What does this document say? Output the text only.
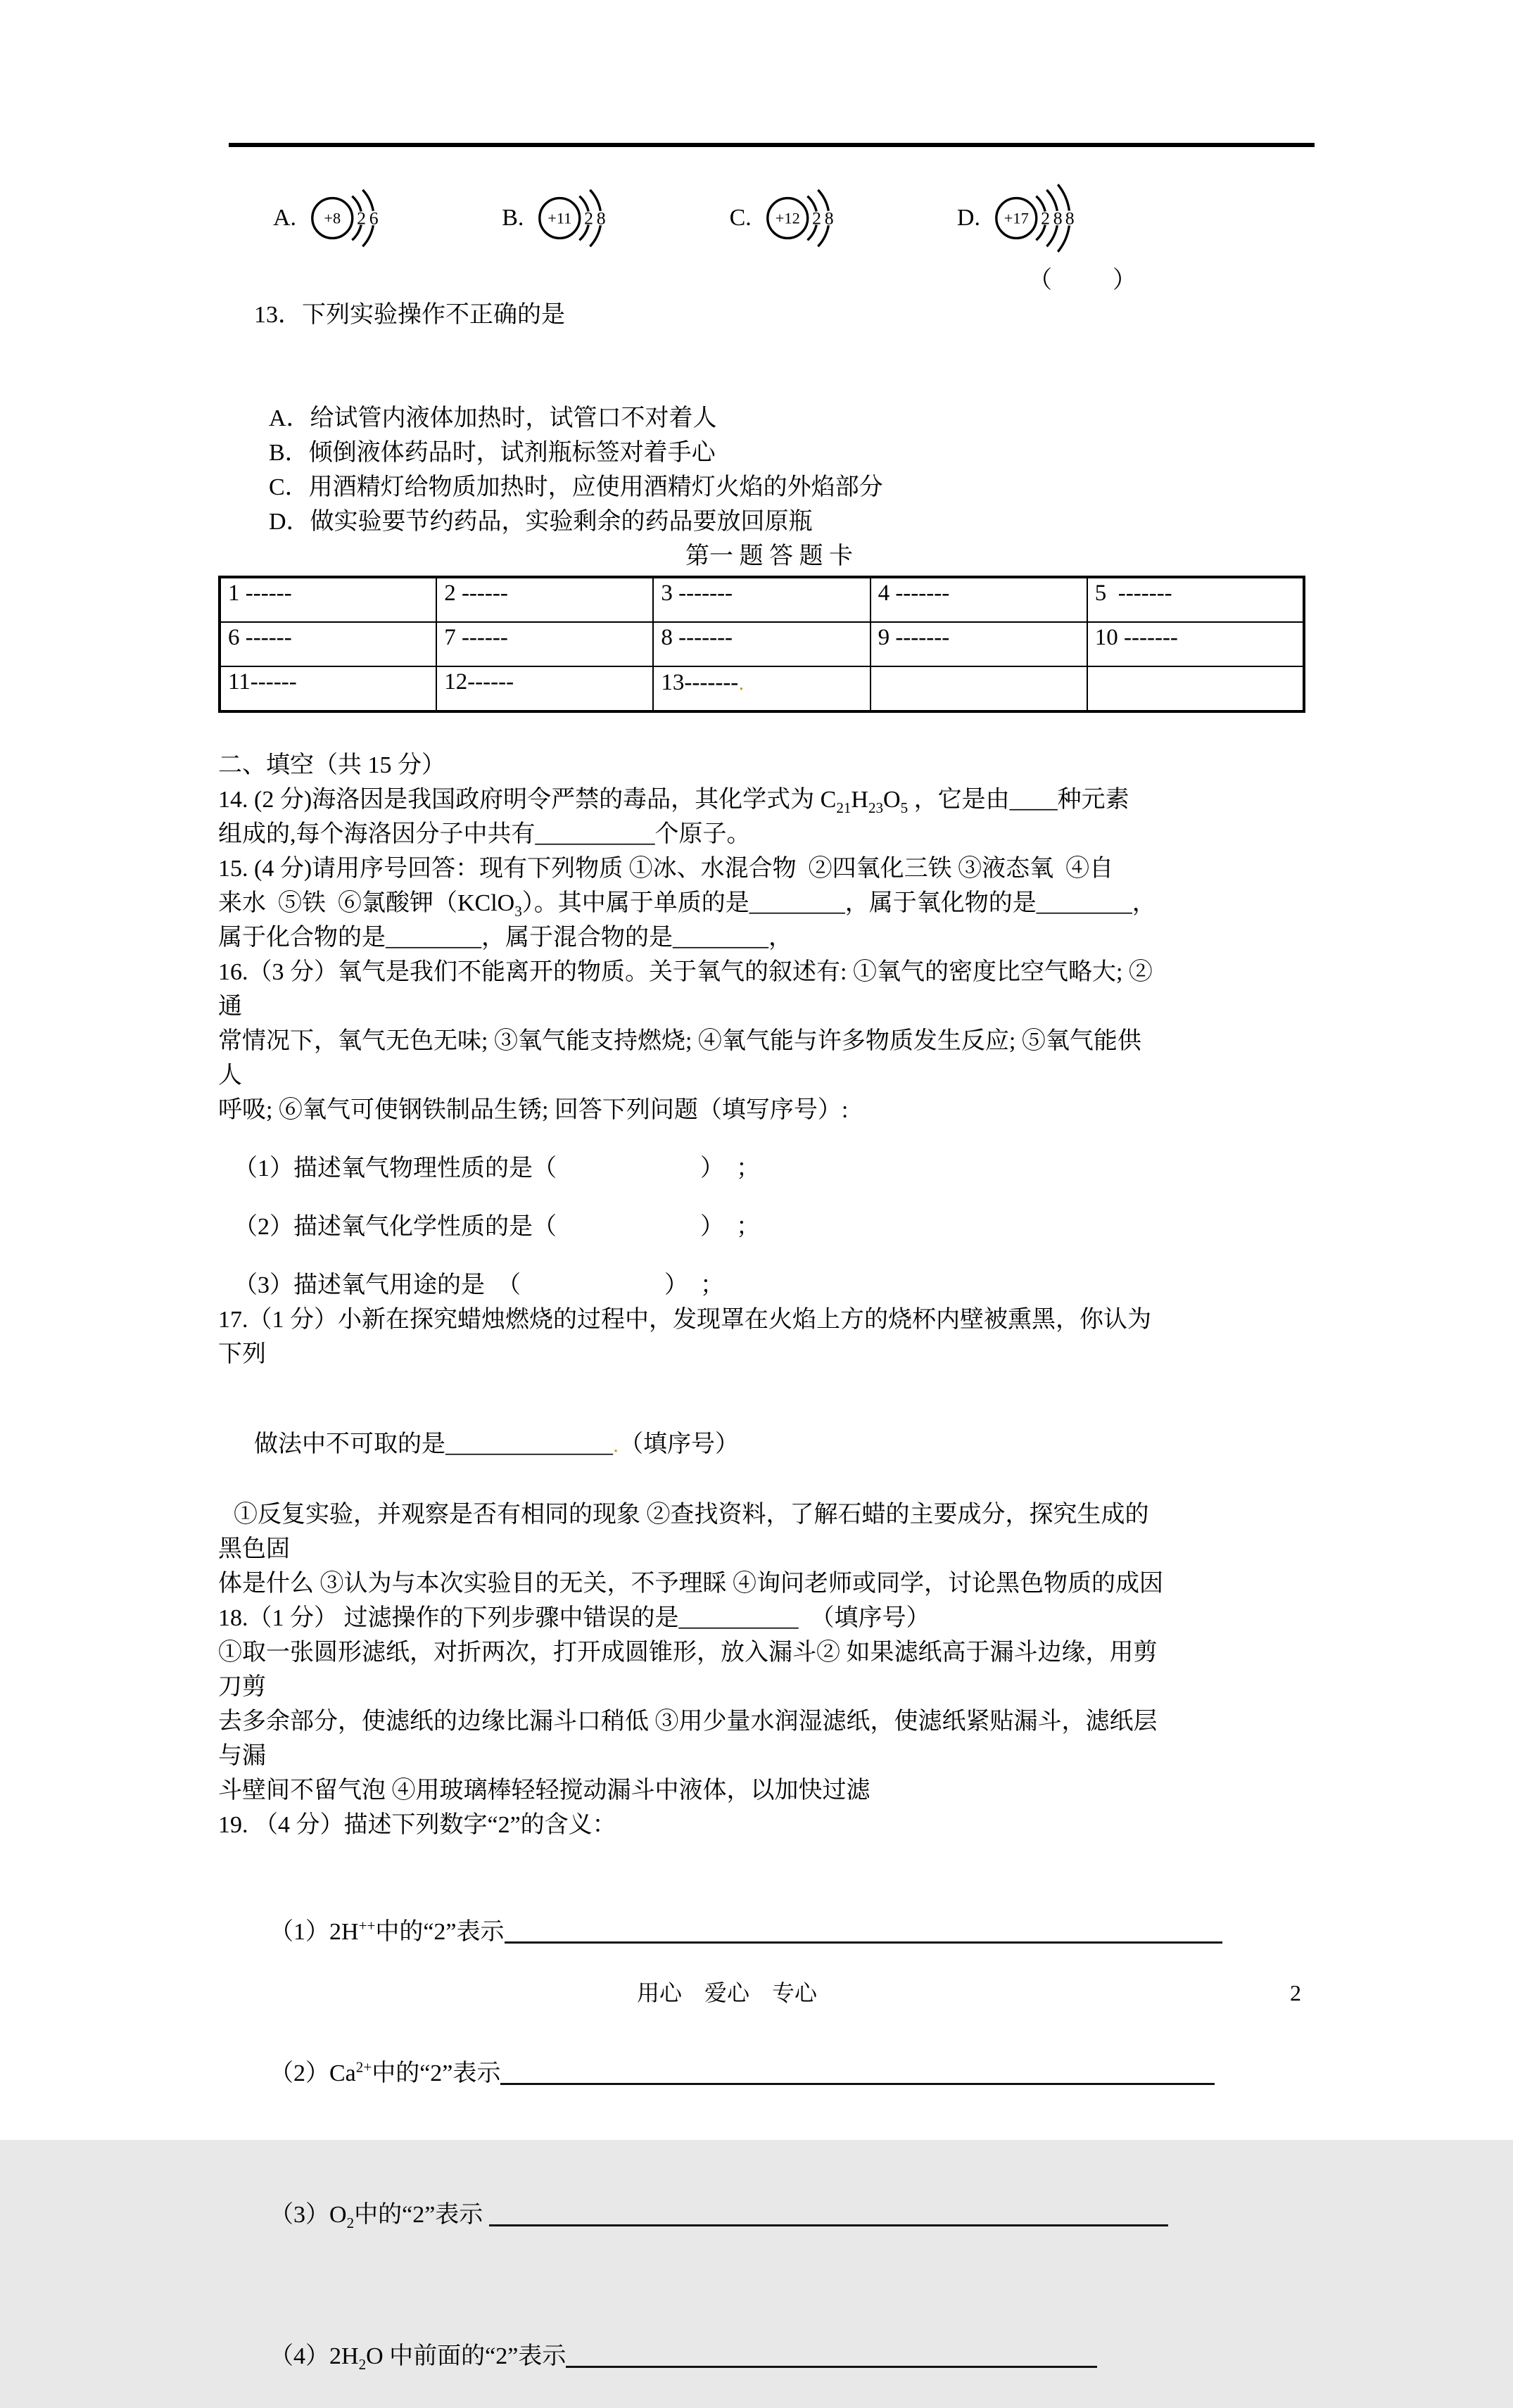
A. +8 2 6	B. +11 2 8	C. +12 2 8	D. +17 2 8 8

13．下列实验操作不正确的是

（　　）

A．给试管内液体加热时，试管口不对着人
B．倾倒液体药品时，试剂瓶标签对着手心
C．用酒精灯给物质加热时，应使用酒精灯火焰的外焰部分
D．做实验要节约药品，实验剩余的药品要放回原瓶
第一 题 答 题 卡
1 ------	2 ------	3 -------	4 -------	5  -------
6 ------	7 ------	8 -------	9 -------	10 -------
11------	12------	13-------．		
二、填空（共 15 分）
14. (2 分)海洛因是我国政府明令严禁的毒品，其化学式为 $C_{21}H_{23}O_5$ ，它是由____种元素
组成的,每个海洛因分子中共有__________个原子。
15. (4 分)请用序号回答：现有下列物质 ①冰、水混合物  ②四氧化三铁 ③液态氧  ④自
来水  ⑤铁  ⑥氯酸钾（KClO$_3$）。其中属于单质的是________，属于氧化物的是________，
属于化合物的是________，属于混合物的是________，
16.（3 分）氧气是我们不能离开的物质。关于氧气的叙述有: ①氧气的密度比空气略大; ②
通
常情况下，氧气无色无味; ③氧气能支持燃烧; ④氧气能与许多物质发生反应; ⑤氧气能供
人
呼吸; ⑥氧气可使钢铁制品生锈; 回答下列问题（填写序号）:
（1）描述氧气物理性质的是（　　　　　　）  ；
（2）描述氧气化学性质的是（　　　　　　）  ；
（3）描述氧气用途的是　（　　　　　　）  ；
17.（1 分）小新在探究蜡烛燃烧的过程中，发现罩在火焰上方的烧杯内壁被熏黑，你认为
下列

做法中不可取的是______________．（填序号）

①反复实验，并观察是否有相同的现象 ②查找资料，了解石蜡的主要成分，探究生成的
黑色固
体是什么 ③认为与本次实验目的无关，不予理睬 ④询问老师或同学，讨论黑色物质的成因
18.（1 分） 过滤操作的下列步骤中错误的是__________  （填序号）
①取一张圆形滤纸，对折两次，打开成圆锥形，放入漏斗② 如果滤纸高于漏斗边缘，用剪
刀剪
去多余部分，使滤纸的边缘比漏斗口稍低 ③用少量水润湿滤纸，使滤纸紧贴漏斗，滤纸层
与漏
斗壁间不留气泡 ④用玻璃棒轻轻搅动漏斗中液体，以加快过滤
19. （4 分）描述下列数字“2”的含义：

（1）2H++中的“2”表示

$(2)Ca^{2+}$中的“2”表示

$(3)O_2$中的“2”表示

$(4)2H_2O$ 中前面的“2”表示

用心　爱心　专心	2
